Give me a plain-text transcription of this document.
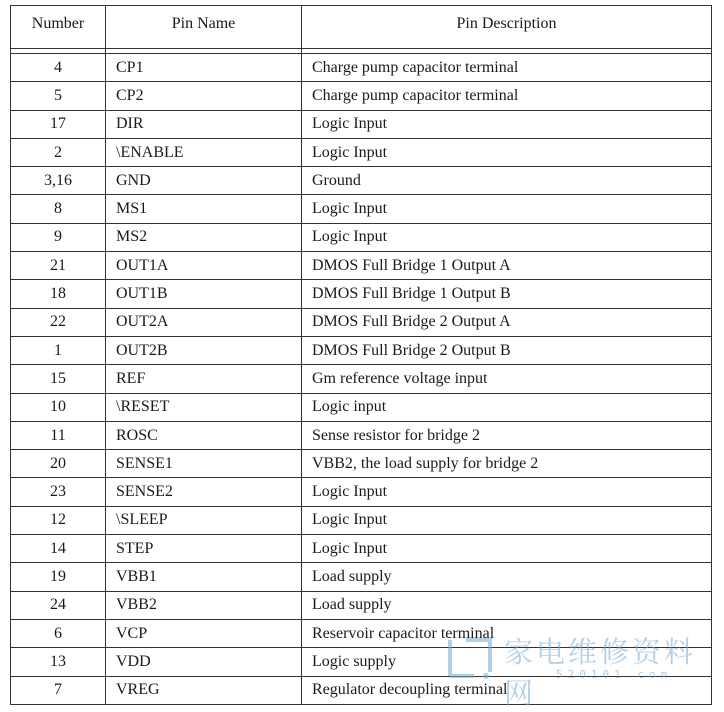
Number	Pin Name	Pin Description

4	CP1	Charge pump capacitor terminal
5	CP2	Charge pump capacitor terminal
17	DIR	Logic Input
2	\ENABLE	Logic Input
3,16	GND	Ground
8	MS1	Logic Input
9	MS2	Logic Input
21	OUT1A	DMOS Full Bridge 1 Output A
18	OUT1B	DMOS Full Bridge 1 Output B
22	OUT2A	DMOS Full Bridge 2 Output A
1	OUT2B	DMOS Full Bridge 2 Output B
15	REF	Gm reference voltage input
10	\RESET	Logic input
11	ROSC	Sense resistor for bridge 2
20	SENSE1	VBB2, the load supply for bridge 2
23	SENSE2	Logic Input
12	\SLEEP	Logic Input
14	STEP	Logic Input
19	VBB1	Load supply
24	VBB2	Load supply
6	VCP	Reservoir capacitor terminal
13	VDD	Logic supply
7	VREG	Regulator decoupling terminal
家电维修资料网
520101.com
